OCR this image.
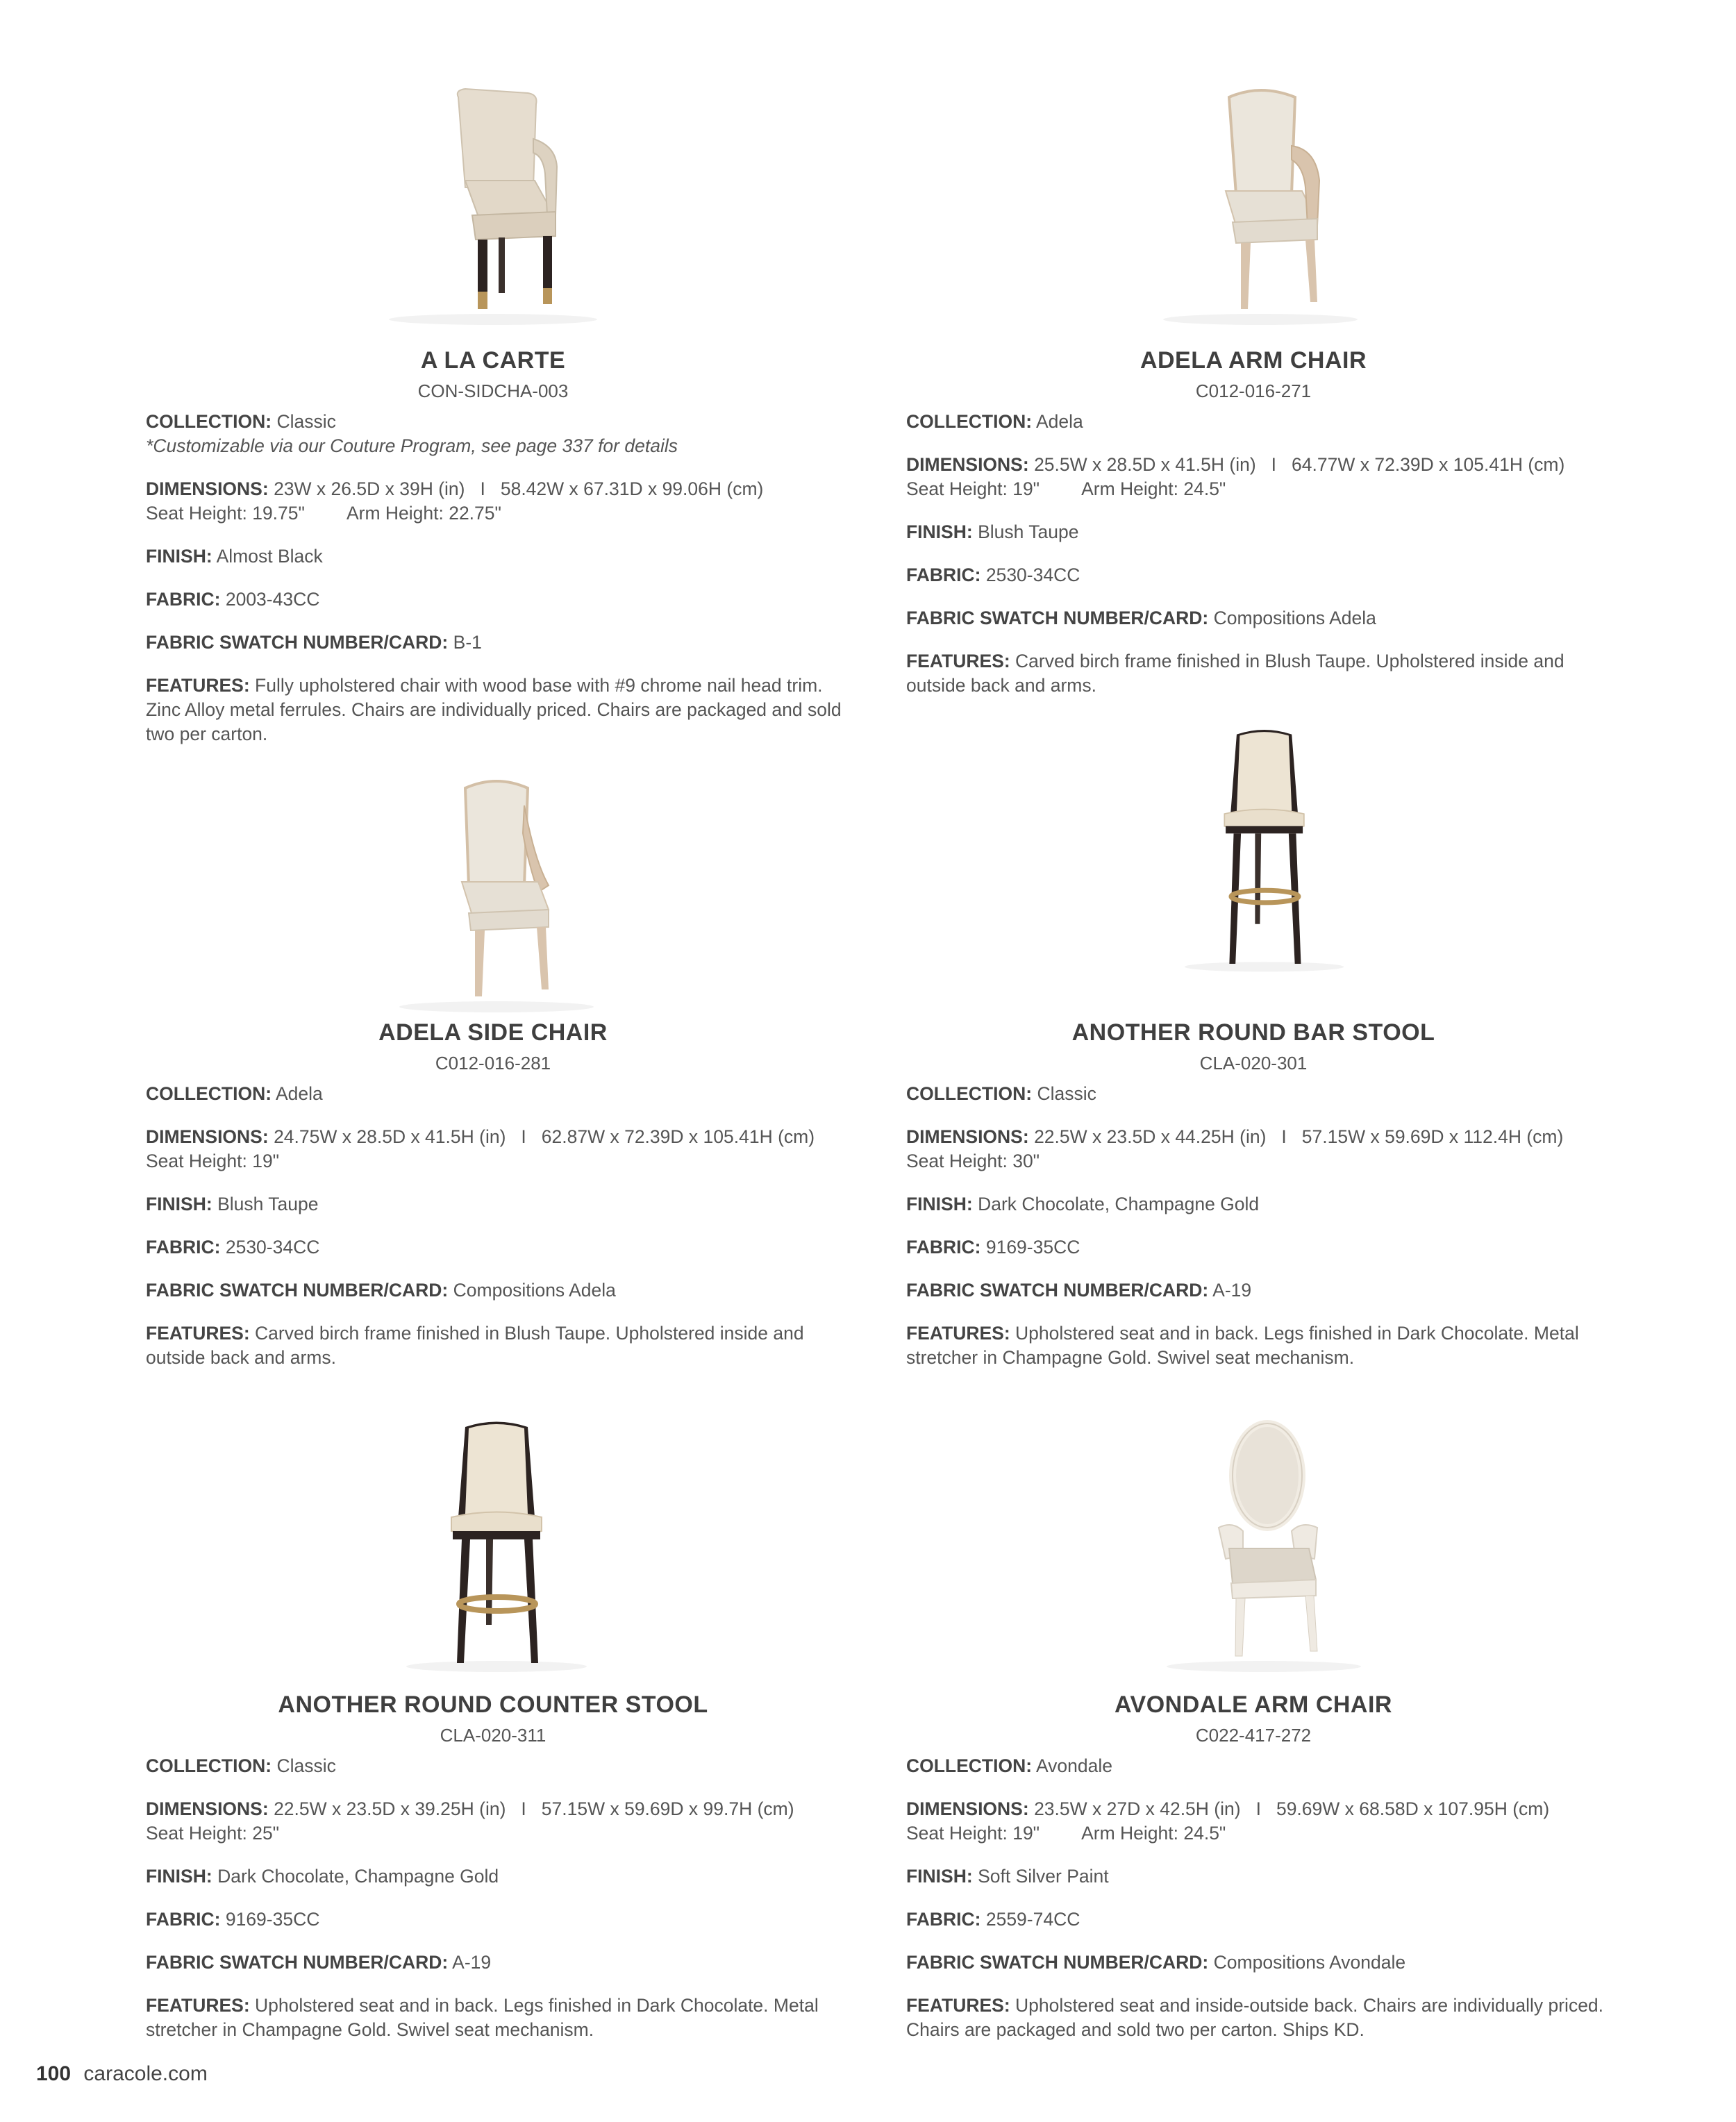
A LA CARTE
CON-SIDCHA-003

COLLECTION: Classic

*Customizable via our Couture Program, see page 337 for details

DIMENSIONS: 23W x 26.5D x 39H (in) I 58.42W x 67.31D x 99.06H (cm)
Seat Height: 19.75" Arm Height: 22.75"

FINISH: Almost Black

FABRIC: 2003-43CC

FABRIC SWATCH NUMBER/CARD: B-1

FEATURES: Fully upholstered chair with wood base with #9 chrome nail head trim. Zinc Alloy metal ferrules. Chairs are individually priced. Chairs are packaged and sold two per carton.

ADELA ARM CHAIR
C012-016-271

COLLECTION: Adela

DIMENSIONS: 25.5W x 28.5D x 41.5H (in) I 64.77W x 72.39D x 105.41H (cm)
Seat Height: 19" Arm Height: 24.5"

FINISH: Blush Taupe

FABRIC: 2530-34CC

FABRIC SWATCH NUMBER/CARD: Compositions Adela

FEATURES: Carved birch frame finished in Blush Taupe. Upholstered inside and outside back and arms.

ADELA SIDE CHAIR
C012-016-281

COLLECTION: Adela

DIMENSIONS: 24.75W x 28.5D x 41.5H (in) I 62.87W x 72.39D x 105.41H (cm)
Seat Height: 19"

FINISH: Blush Taupe

FABRIC: 2530-34CC

FABRIC SWATCH NUMBER/CARD: Compositions Adela

FEATURES: Carved birch frame finished in Blush Taupe. Upholstered inside and outside back and arms.

ANOTHER ROUND BAR STOOL
CLA-020-301

COLLECTION: Classic

DIMENSIONS: 22.5W x 23.5D x 44.25H (in) I 57.15W x 59.69D x 112.4H (cm)
Seat Height: 30"

FINISH: Dark Chocolate, Champagne Gold

FABRIC: 9169-35CC

FABRIC SWATCH NUMBER/CARD: A-19

FEATURES: Upholstered seat and in back. Legs finished in Dark Chocolate. Metal stretcher in Champagne Gold. Swivel seat mechanism.

ANOTHER ROUND COUNTER STOOL
CLA-020-311

COLLECTION: Classic

DIMENSIONS: 22.5W x 23.5D x 39.25H (in) I 57.15W x 59.69D x 99.7H (cm)
Seat Height: 25"

FINISH: Dark Chocolate, Champagne Gold

FABRIC: 9169-35CC

FABRIC SWATCH NUMBER/CARD: A-19

FEATURES: Upholstered seat and in back. Legs finished in Dark Chocolate. Metal stretcher in Champagne Gold. Swivel seat mechanism.

AVONDALE ARM CHAIR
C022-417-272

COLLECTION: Avondale

DIMENSIONS: 23.5W x 27D x 42.5H (in) I 59.69W x 68.58D x 107.95H (cm)
Seat Height: 19" Arm Height: 24.5"

FINISH: Soft Silver Paint

FABRIC: 2559-74CC

FABRIC SWATCH NUMBER/CARD: Compositions Avondale

FEATURES: Upholstered seat and inside-outside back. Chairs are individually priced. Chairs are packaged and sold two per carton. Ships KD.

100 caracole.com
